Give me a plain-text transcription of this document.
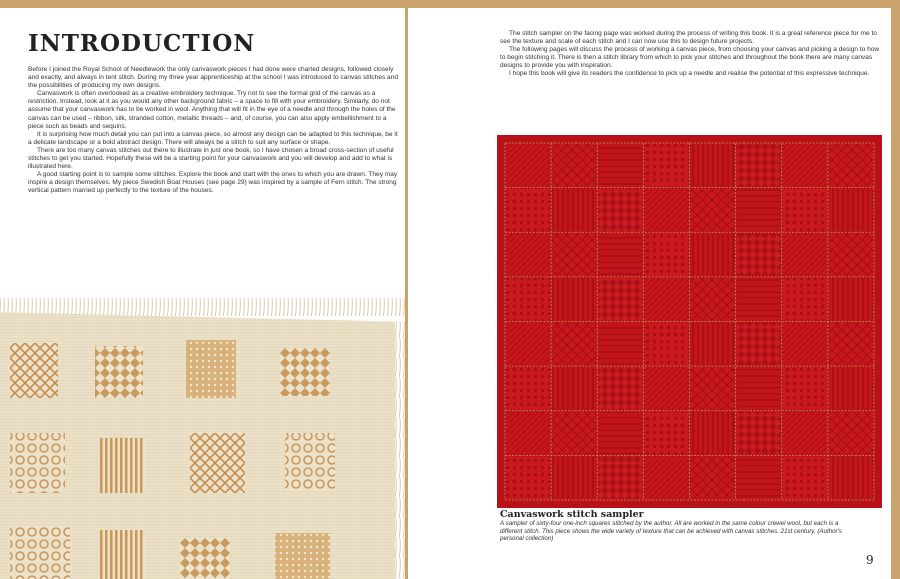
INTRODUCTION

Before I joined the Royal School of Needlework the only canvaswork pieces I had done were charted designs, followed closely and exactly, and always in tent stitch. During my three year apprenticeship at the school I was introduced to canvas stitches and the possibilities of producing my own designs.

Canvaswork is often overlooked as a creative embroidery technique. Try not to see the formal grid of the canvas as a restriction. Instead, look at it as you would any other background fabric – a space to fill with your embroidery. Similarly, do not assume that your canvaswork has to be worked in wool. Anything that will fit in the eye of a needle and through the holes of the canvas can be used – ribbon, silk, stranded cotton, metallic threads – and, of course, you can also apply embellishment to a piece such as beads and sequins.

It is surprising how much detail you can put into a canvas piece, so almost any design can be adapted to this technique, be it a delicate landscape or a bold abstract design. There will always be a stitch to suit any surface or shape.

There are too many canvas stitches out there to illustrate in just one book, so I have chosen a broad cross-section of useful stitches to get you started. Hopefully these will be a starting point for your canvaswork and you will develop and add to what is illustrated here.

A good starting point is to sample some stitches. Explore the book and start with the ones to which you are drawn. They may inspire a design themselves. My piece Swedish Boat Houses (see page 29) was inspired by a sample of Fern stitch. The strong vertical pattern married up perfectly to the texture of the houses.

The stitch sampler on the facing page was worked during the process of writing this book. It is a great reference piece for me to see the texture and scale of each stitch and I can now use this to design future projects.

The following pages will discuss the process of working a canvas piece, from choosing your canvas and picking a design to how to begin stitching it. There is then a stitch library from which to pick your stitches and throughout the book there are many canvas designs to provide you with inspiration.

I hope this book will give its readers the confidence to pick up a needle and realise the potential of this expressive technique.

Canvaswork stitch sampler

A sampler of sixty-four one-inch squares stitched by the author. All are worked in the same colour crewel wool, but each is a different stitch. This piece shows the wide variety of texture that can be achieved with canvas stitches. 21st century. (Author's personal collection)

9
